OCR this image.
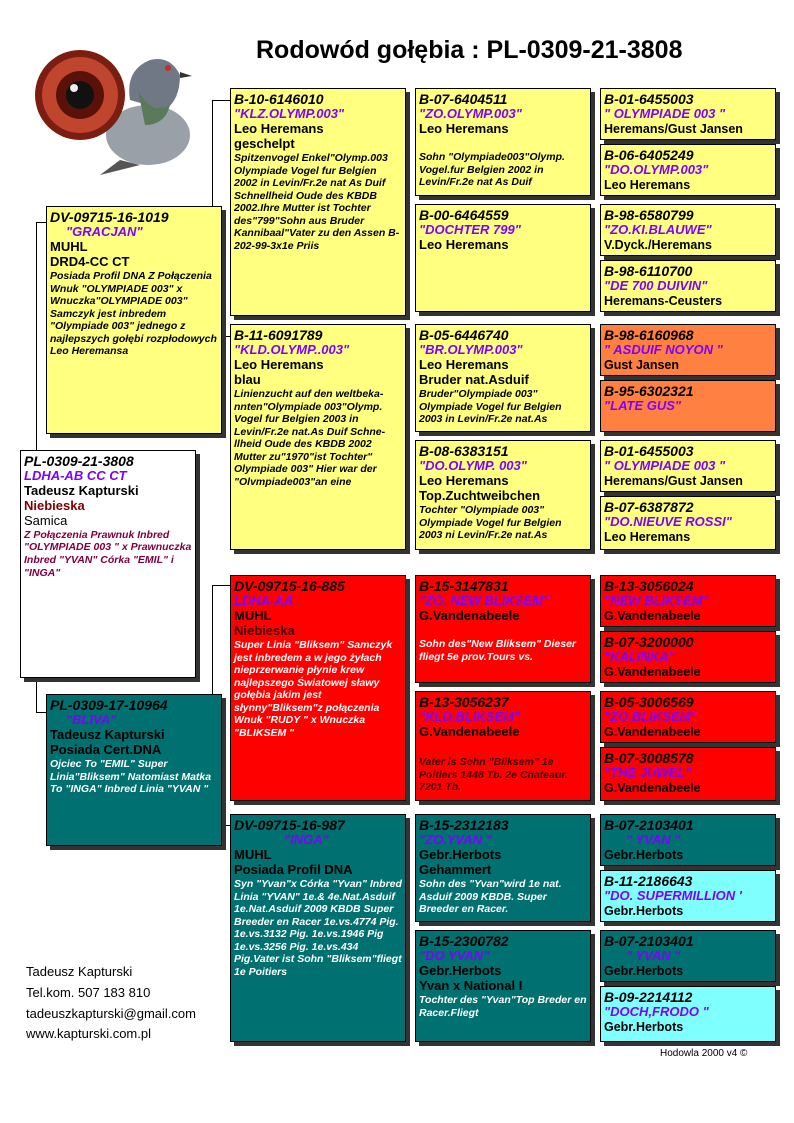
Rodowód gołębia : PL-0309-21-3808
PL-0309-21-3808
LDHA-AB CC CT
Tadeusz Kapturski
Niebieska
Samica
Z Połączenia Prawnuk Inbred "OLYMPIADE 003 " x Prawnuczka Inbred "YVAN" Córka "EMIL" i "INGA"
DV-09715-16-1019
"GRACJAN"
MUHL
DRD4-CC CT
Posiada Profil DNA Z Połączenia Wnuk "OLYMPIADE 003" x Wnuczka"OLYMPIADE 003" Samczyk jest inbredem "Olympiade 003" jednego z najlepszych gołębi rozpłodowych Leo Heremansa
PL-0309-17-10964
"BLIVA"
Tadeusz Kapturski
Posiada Cert.DNA
Ojciec To "EMIL" Super Linia"Bliksem" Natomiast Matka To "INGA" Inbred Linia "YVAN "
B-10-6146010
"KLZ.OLYMP.003"
Leo Heremans
geschelpt
Spitzenvogel Enkel"Olymp.003 Olympiade Vogel fur Belgien 2002 in Levin/Fr.2e nat As Duif Schnellheid Oude des KBDB 2002.Ihre Mutter ist Tochter des"799"Sohn aus Bruder Kannibaal"Vater zu den Assen B-202-99-3x1e Priis
B-11-6091789
"KLD.OLYMP..003"
Leo Heremans
blau
Linienzucht auf den weltbeka- nnten"Olympiade 003"Olymp. Vogel fur Belgien 2003 in Levin/Fr.2e nat.As Duif Schne- llheid Oude des KBDB 2002 Mutter zu"1970"ist Tochter" Olympiade 003" Hier war der "Olvmpiade003"an eine
DV-09715-16-885
LDHA-AA
MUHL
Niebieska
Super Linia "Bliksem" Samczyk jest inbredem a w jego żyłach nieprzerwanie płynie krew najlepszego Światowej sławy gołębia jakim jest słynny"Bliksem"z połączenia Wnuk "RUDY " x Wnuczka "BLIKSEM "
DV-09715-16-987
"INGA"
MUHL
Posiada Profil DNA
Syn "Yvan"x Córka "Yvan" Inbred Linia "YVAN" 1e.& 4e.Nat.Asduif 1e.Nat.Asduif 2009 KBDB Super Breeder en Racer 1e.vs.4774 Pig. 1e.vs.3132 Pig. 1e.vs.1946 Pig 1e.vs.3256 Pig. 1e.vs.434 Pig.Vater ist Sohn "Bliksem"fliegt 1e Poitiers
B-07-6404511
"ZO.OLYMP.003"
Leo Heremans
Sohn "Olympiade003"Olymp. Vogel.fur Belgien 2002 in Levin/Fr.2e nat As Duif
B-00-6464559
"DOCHTER 799"
Leo Heremans
B-05-6446740
"BR.OLYMP.003"
Leo Heremans
Bruder nat.Asduif
Bruder"Olympiade 003" Olympiade Vogel fur Belgien 2003 in Levin/Fr.2e nat.As
B-08-6383151
"DO.OLYMP. 003"
Leo Heremans
Top.Zuchtweibchen
Tochter "Olympiade 003" Olympiade Vogel fur Belgien 2003 ni Levin/Fr.2e nat.As
B-15-3147831
"ZO. NEW BLIKSEM"
G.Vandenabeele
Sohn des"New Bliksem" Dieser fliegt 5e prov.Tours vs.
B-13-3056237
"KLD.BLIKSEM"
G.Vandenabeele
Vater is Sohn "Bliksem" 1e Poitiers 1448 Tb. 2e Chateaur. 7201 Tb.
B-15-2312183
"ZO.YVAN "
Gebr.Herbots
Gehammert
Sohn des "Yvan"wird 1e nat. Asduif 2009 KBDB. Super Breeder en Racer.
B-15-2300782
"DO YVAN"
Gebr.Herbots
Yvan x National I
Tochter des "Yvan"Top Breder en Racer.Fliegt
B-01-6455003
" OLYMPIADE 003 "
Heremans/Gust Jansen
B-06-6405249
"DO.OLYMP.003"
Leo Heremans
B-98-6580799
"ZO.KI.BLAUWE"
V.Dyck./Heremans
B-98-6110700
"DE 700 DUIVIN"
Heremans-Ceusters
B-98-6160968
" ASDUIF NOYON "
Gust Jansen
B-95-6302321
"LATE GUS"
B-01-6455003
" OLYMPIADE 003 "
Heremans/Gust Jansen
B-07-6387872
"DO.NIEUVE ROSSI"
Leo Heremans
B-13-3056024
"NEW BLIKSEM"
G.Vandenabeele
B-07-3200000
"KALINKA"
G.Vandenabeele
B-05-3006569
"ZO.BLIKSEM"
G.Vandenabeele
B-07-3008578
"THE JUWEL"
G.Vandenabeele
B-07-2103401
" YVAN "
Gebr.Herbots
B-11-2186643
"DO. SUPERMILLION '
Gebr.Herbots
B-07-2103401
" YVAN "
Gebr.Herbots
B-09-2214112
"DOCH,FRODO "
Gebr.Herbots
Tadeusz Kapturski
Tel.kom. 507 183 810
tadeuszkapturski@gmail.com
www.kapturski.com.pl
Hodowla 2000 v4 ©
